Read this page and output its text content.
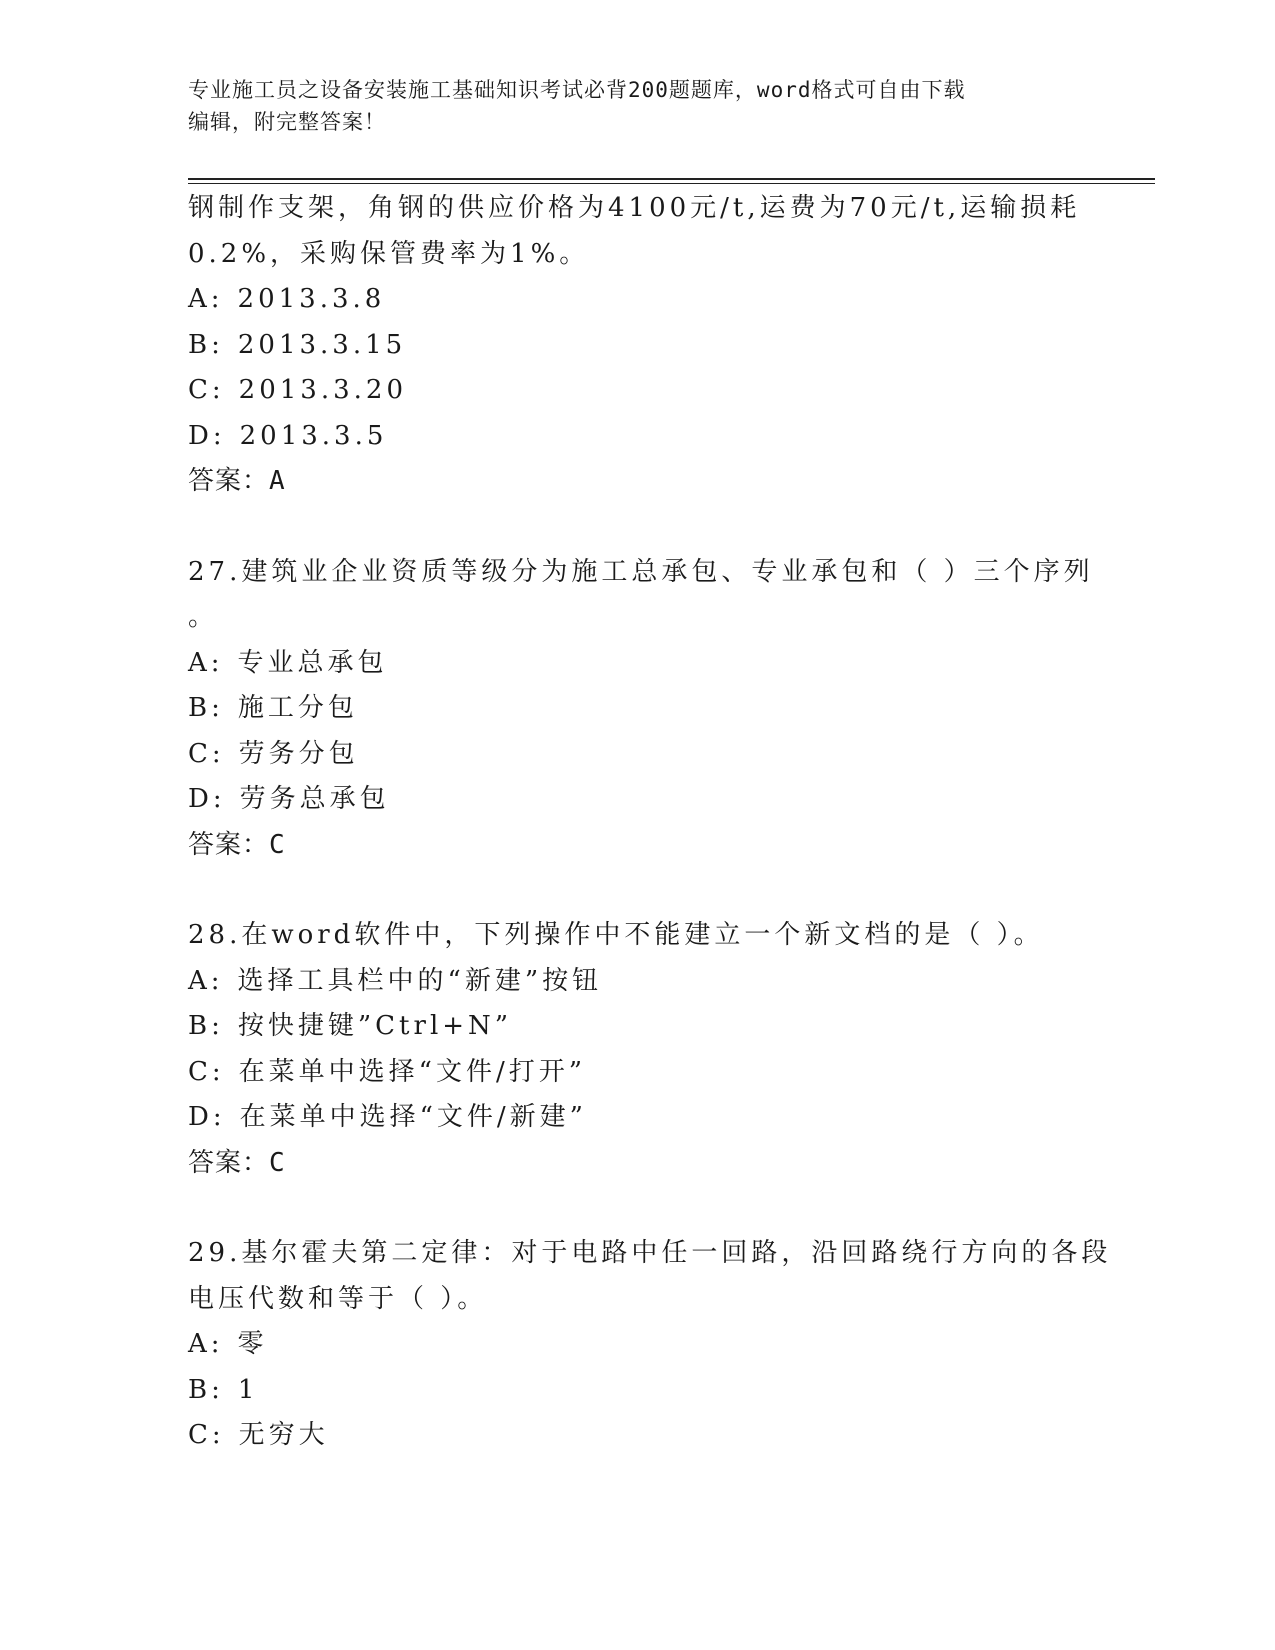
专业施工员之设备安装施工基础知识考试必背200题题库，word格式可自由下载
编辑，附完整答案！
钢制作支架，角钢的供应价格为4100元/t,运费为70元/t,运输损耗
0.2%，采购保管费率为1%。
A: 2013.3.8
B: 2013.3.15
C: 2013.3.20
D: 2013.3.5
答案：A
27.建筑业企业资质等级分为施工总承包、专业承包和（ ）三个序列
。
A: 专业总承包
B: 施工分包
C: 劳务分包
D: 劳务总承包
答案：C
28.在word软件中，下列操作中不能建立一个新文档的是（ ）。
A: 选择工具栏中的“新建”按钮
B: 按快捷键”Ctrl+N”
C: 在菜单中选择“文件/打开”
D: 在菜单中选择“文件/新建”
答案：C
29.基尔霍夫第二定律：对于电路中任一回路，沿回路绕行方向的各段
电压代数和等于（ ）。
A: 零
B: 1
C: 无穷大
